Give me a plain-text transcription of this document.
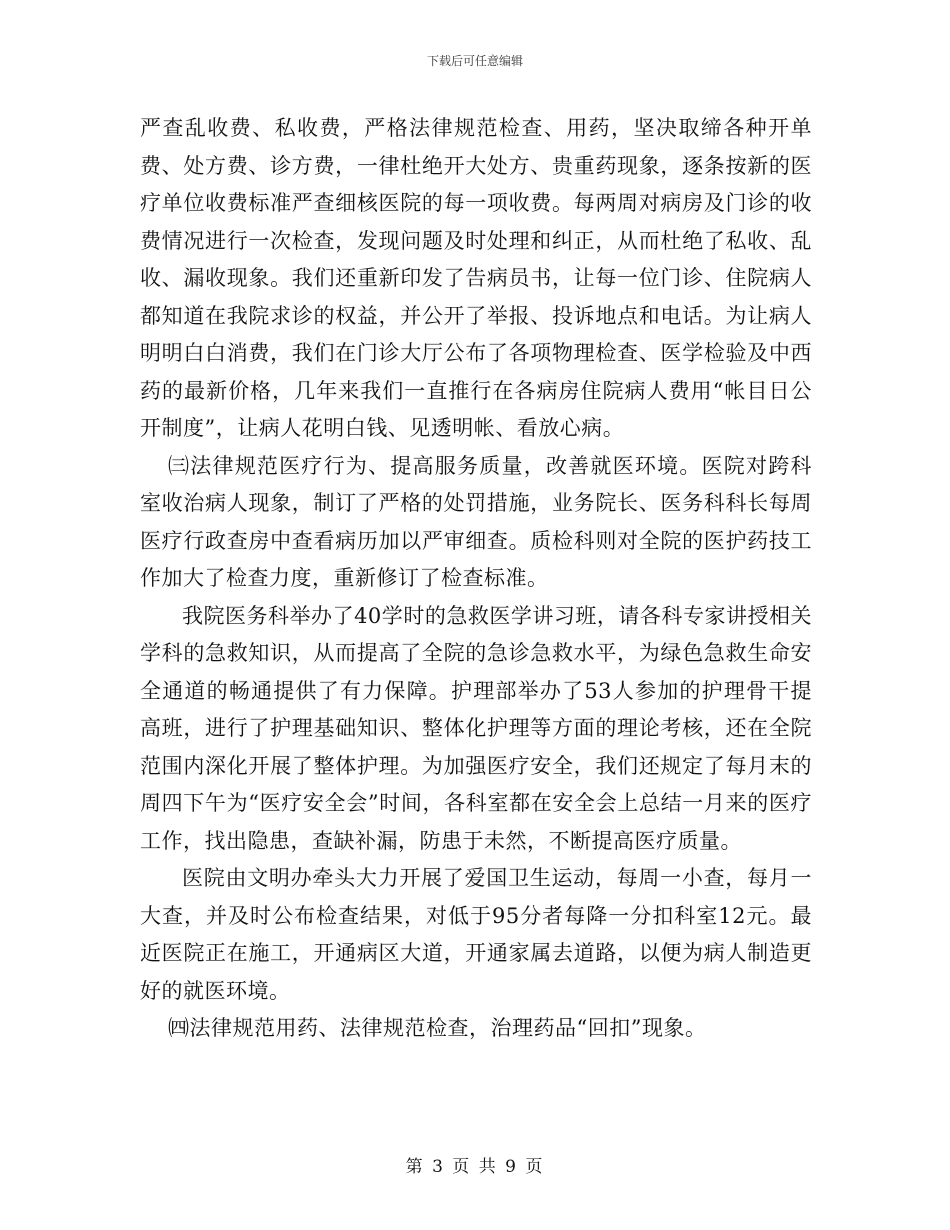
下载后可任意编辑

严查乱收费、私收费，严格法律规范检查、用药，坚决取缔各种开单费、处方费、诊方费，一律杜绝开大处方、贵重药现象，逐条按新的医疗单位收费标准严查细核医院的每一项收费。每两周对病房及门诊的收费情况进行一次检查，发现问题及时处理和纠正，从而杜绝了私收、乱收、漏收现象。我们还重新印发了告病员书，让每一位门诊、住院病人都知道在我院求诊的权益，并公开了举报、投诉地点和电话。为让病人明明白白消费，我们在门诊大厅公布了各项物理检查、医学检验及中西药的最新价格，几年来我们一直推行在各病房住院病人费用“帐目日公开制度”，让病人花明白钱、见透明帐、看放心病。

㈢法律规范医疗行为、提高服务质量，改善就医环境。医院对跨科室收治病人现象，制订了严格的处罚措施，业务院长、医务科科长每周医疗行政查房中查看病历加以严审细查。质检科则对全院的医护药技工作加大了检查力度，重新修订了检查标准。

我院医务科举办了40学时的急救医学讲习班，请各科专家讲授相关学科的急救知识，从而提高了全院的急诊急救水平，为绿色急救生命安全通道的畅通提供了有力保障。护理部举办了53人参加的护理骨干提高班，进行了护理基础知识、整体化护理等方面的理论考核，还在全院范围内深化开展了整体护理。为加强医疗安全，我们还规定了每月末的周四下午为“医疗安全会”时间，各科室都在安全会上总结一月来的医疗工作，找出隐患，查缺补漏，防患于未然，不断提高医疗质量。

医院由文明办牵头大力开展了爱国卫生运动，每周一小查，每月一大查，并及时公布检查结果，对低于95分者每降一分扣科室12元。最近医院正在施工，开通病区大道，开通家属去道路，以便为病人制造更好的就医环境。

㈣法律规范用药、法律规范检查，治理药品“回扣”现象。

第 3 页 共 9 页
